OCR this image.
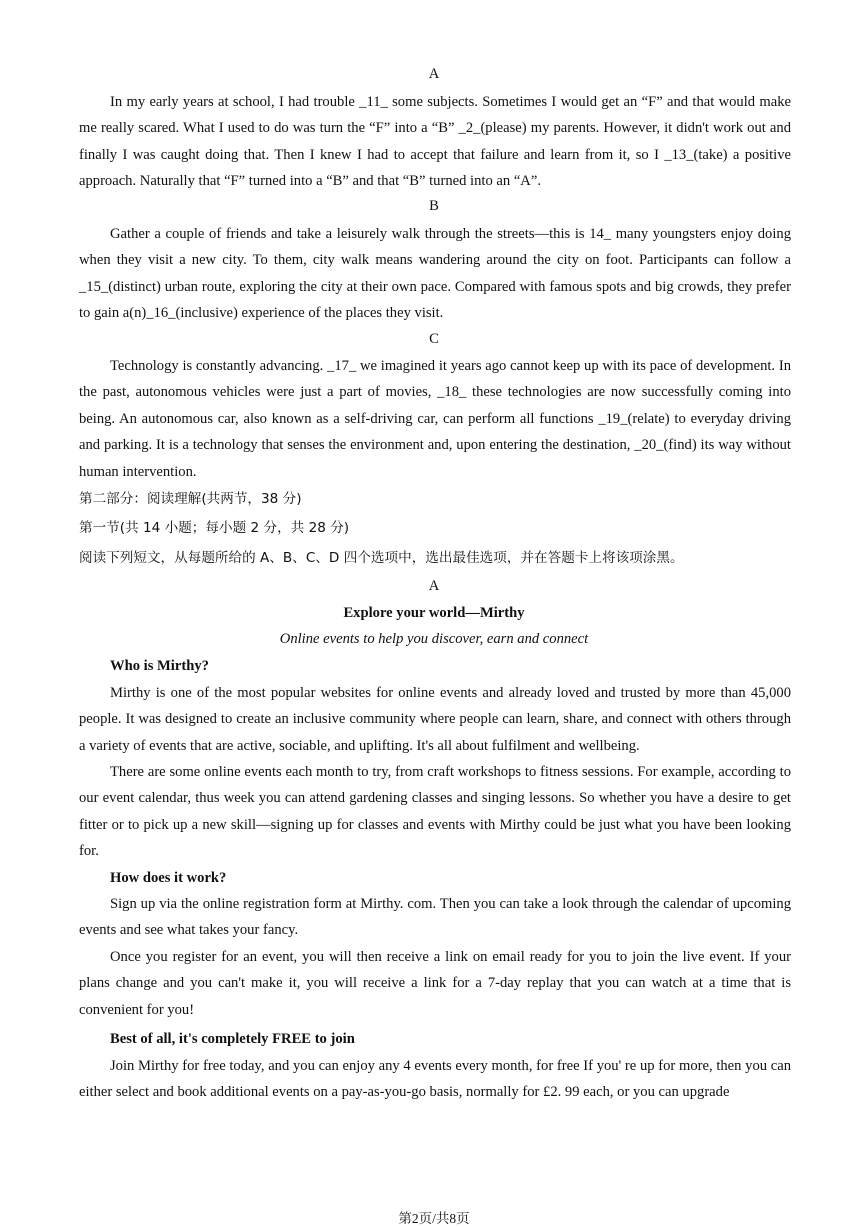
A

In my early years at school, I had trouble _11_ some subjects. Sometimes I would get an “F” and that would make me really scared. What I used to do was turn the “F” into a “B” _2_(please) my parents. However, it didn't work out and finally I was caught doing that. Then I knew I had to accept that failure and learn from it, so I _13_(take) a positive approach. Naturally that “F” turned into a “B” and that “B” turned into an “A”.

B

Gather a couple of friends and take a leisurely walk through the streets—this is 14_ many youngsters enjoy doing when they visit a new city. To them, city walk means wandering around the city on foot. Participants can follow a _15_(distinct) urban route, exploring the city at their own pace. Compared with famous spots and big crowds, they prefer to gain a(n)_16_(inclusive) experience of the places they visit.

C

Technology is constantly advancing. _17_ we imagined it years ago cannot keep up with its pace of development. In the past, autonomous vehicles were just a part of movies, _18_ these technologies are now successfully coming into being. An autonomous car, also known as a self-driving car, can perform all functions _19_(relate) to everyday driving and parking. It is a technology that senses the environment and, upon entering the destination, _20_(find) its way without human intervention.

第二部分：阅读理解(共两节，38 分)

第一节(共 14 小题；每小题 2 分，共 28 分)

阅读下列短文，从每题所给的 A、B、C、D 四个选项中，选出最佳选项，并在答题卡上将该项涂黑。

A
Explore your world—Mirthy
Online events to help you discover, earn and connect

Who is Mirthy?

Mirthy is one of the most popular websites for online events and already loved and trusted by more than 45,000 people. It was designed to create an inclusive community where people can learn, share, and connect with others through a variety of events that are active, sociable, and uplifting. It's all about fulfilment and wellbeing.

There are some online events each month to try, from craft workshops to fitness sessions. For example, according to our event calendar, thus week you can attend gardening classes and singing lessons. So whether you have a desire to get fitter or to pick up a new skill—signing up for classes and events with Mirthy could be just what you have been looking for.

How does it work?

Sign up via the online registration form at Mirthy. com. Then you can take a look through the calendar of upcoming events and see what takes your fancy.

Once you register for an event, you will then receive a link on email ready for you to join the live event. If your plans change and you can't make it, you will receive a link for a 7-day replay that you can watch at a time that is convenient for you!

Best of all, it's completely FREE to join

Join Mirthy for free today, and you can enjoy any 4 events every month, for free If you' re up for more, then you can either select and book additional events on a pay-as-you-go basis, normally for £2. 99 each, or you can upgrade

第2页/共8页
